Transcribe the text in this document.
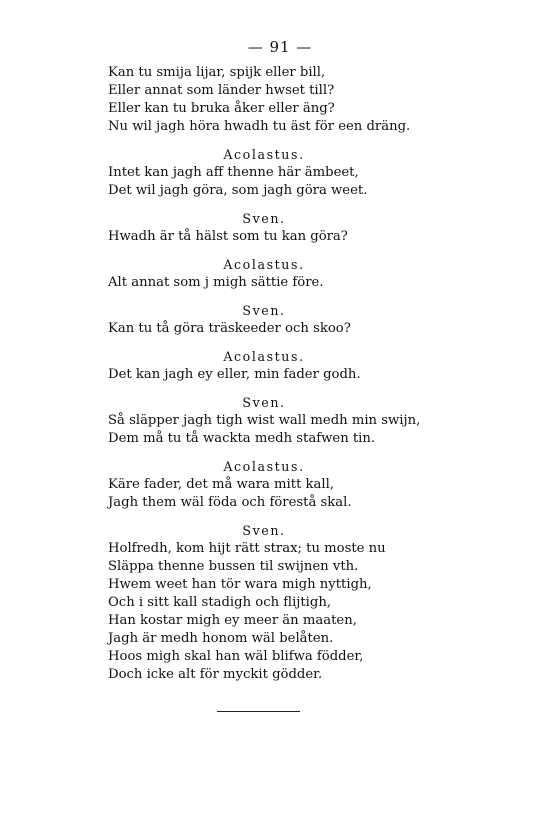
— 91 —
Kan tu smija lijar, spijk eller bill,
Eller annat som länder hwset till?
Eller kan tu bruka åker eller äng?
Nu wil jagh höra hwadh tu äst för een dräng.
Acolastus.
Intet kan jagh aff thenne här ämbeet,
Det wil jagh göra, som jagh göra weet.
Sven.
Hwadh är tå hälst som tu kan göra?
Acolastus.
Alt annat som j migh sättie före.
Sven.
Kan tu tå göra träskeeder och skoo?
Acolastus.
Det kan jagh ey eller, min fader godh.
Sven.
Så släpper jagh tigh wist wall medh min swijn,
Dem må tu tå wackta medh stafwen tin.
Acolastus.
Käre fader, det må wara mitt kall,
Jagh them wäl föda och förestå skal.
Sven.
Holfredh, kom hijt rätt strax; tu moste nu
Släppa thenne bussen til swijnen vth.
Hwem weet han tör wara migh nyttigh,
Och i sitt kall stadigh och flijtigh,
Han kostar migh ey meer än maaten,
Jagh är medh honom wäl belåten.
Hoos migh skal han wäl blifwa födder,
Doch icke alt för myckit gödder.
